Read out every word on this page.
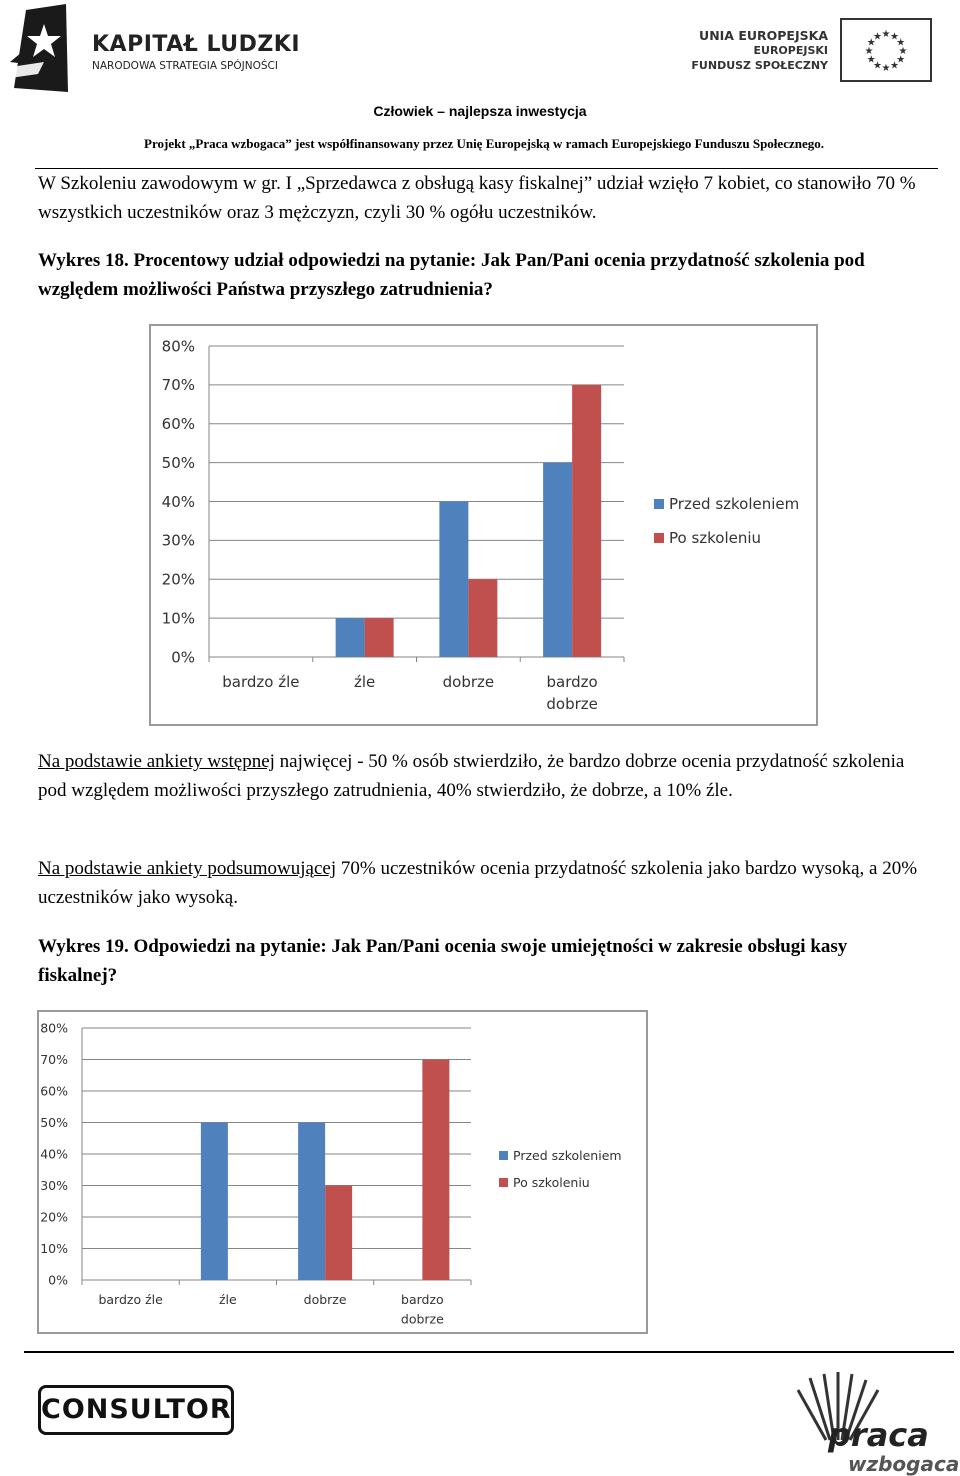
KAPITAŁ LUDZKI
NARODOWA STRATEGIA SPÓJNOŚCI
UNIA EUROPEJSKA
EUROPEJSKI
FUNDUSZ SPOŁECZNY
★ ★
★
★
★
★
★
★
★
★
★
★
Człowiek – najlepsza inwestycja
Projekt „Praca wzbogaca” jest współfinansowany przez Unię Europejską w ramach Europejskiego Funduszu Społecznego.
W Szkoleniu zawodowym w gr. I „Sprzedawca z obsługą kasy fiskalnej” udział wzięło 7 kobiet, co stanowiło 70 % wszystkich uczestników oraz 3 mężczyzn, czyli 30 % ogółu uczestników.
Wykres 18. Procentowy udział odpowiedzi na pytanie: Jak Pan/Pani ocenia przydatność szkolenia pod względem możliwości Państwa przyszłego zatrudnienia?
0%
10%
20%
30%
40%
50%
60%
70%
80%
bardzo źle	źle	dobrze	bardzo
dobrze
Przed szkoleniem
Po szkoleniu
Na podstawie ankiety wstępnej najwięcej - 50 % osób stwierdziło, że bardzo dobrze ocenia przydatność szkolenia pod względem możliwości przyszłego zatrudnienia, 40% stwierdziło, że dobrze, a 10% źle.
Na podstawie ankiety podsumowującej 70% uczestników ocenia przydatność szkolenia jako bardzo wysoką, a 20% uczestników jako wysoką.
Wykres 19. Odpowiedzi na pytanie: Jak Pan/Pani ocenia swoje umiejętności w zakresie obsługi kasy fiskalnej?
0%
10%
20%
30%
40%
50%
60%
70%
80%
bardzo źle	źle	dobrze	bardzo
dobrze
Przed szkoleniem
Po szkoleniu
CONSULTOR
praca
wzbogaca
